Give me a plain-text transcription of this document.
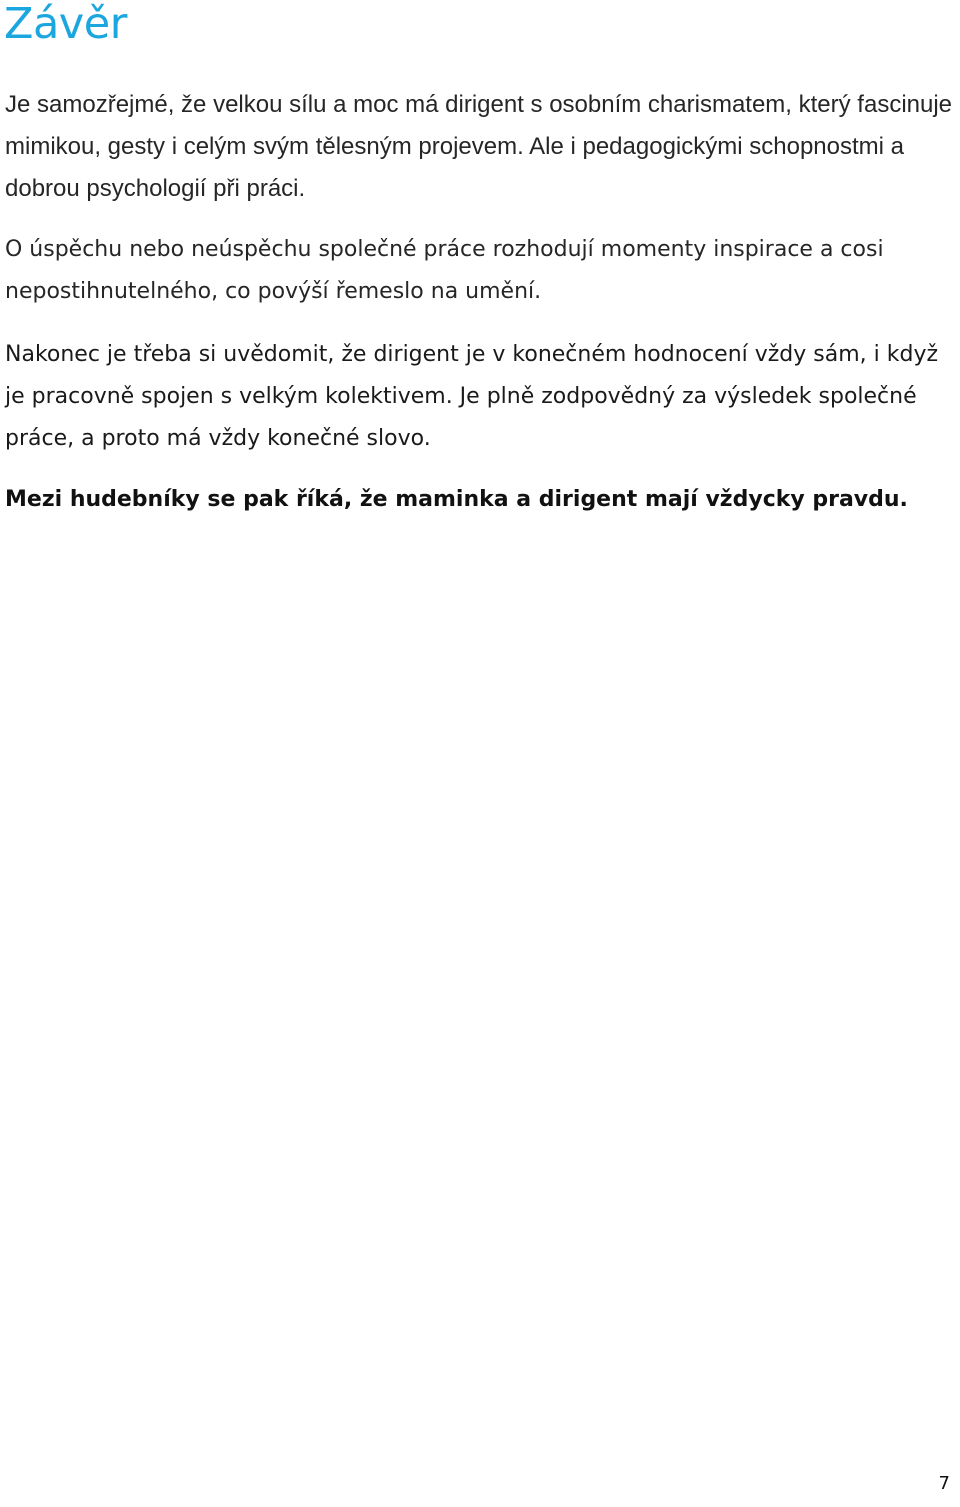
Závěr

Je samozřejmé, že velkou sílu a moc má dirigent s osobním charismatem, který fascinuje mimikou, gesty i celým svým tělesným projevem. Ale i pedagogickými schopnostmi a dobrou psychologií při práci.

O úspěchu nebo neúspěchu společné práce rozhodují momenty inspirace a cosi nepostihnutelného, co povýší řemeslo na umění.

Nakonec je třeba si uvědomit, že dirigent je v konečném hodnocení vždy sám, i když je pracovně spojen s velkým kolektivem. Je plně zodpovědný za výsledek společné práce, a proto má vždy konečné slovo.

Mezi hudebníky se pak říká, že maminka a dirigent mají vždycky pravdu.

7
